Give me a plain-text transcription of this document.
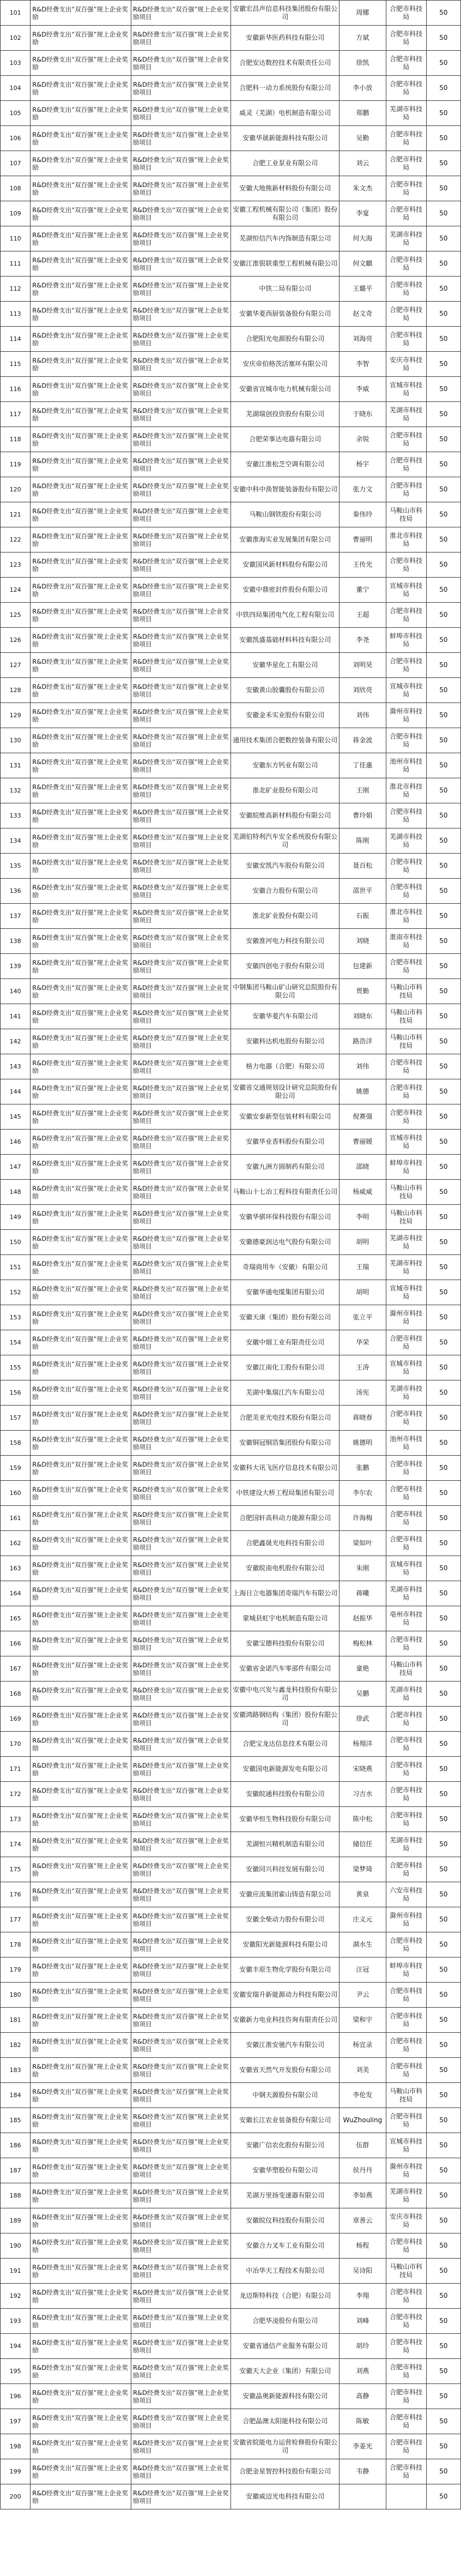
101	R&D经费支出“双百强”规上企业奖励	R&D经费支出“双百强”规上企业奖励项目	安徽宏昌声信息科技集团股份有限公司	周娜	合肥市科技局	50
102	R&D经费支出“双百强”规上企业奖励	R&D经费支出“双百强”规上企业奖励项目	安徽新华医药科技有限公司	方斌	合肥市科技局	50
103	R&D经费支出“双百强”规上企业奖励	R&D经费支出“双百强”规上企业奖励项目	合肥安达数控技术有限责任公司	徐凯	合肥市科技局	50
104	R&D经费支出“双百强”规上企业奖励	R&D经费支出“双百强”规上企业奖励项目	合肥科一动力系统股份有限公司	李小放	合肥市科技局	50
105	R&D经费支出“双百强”规上企业奖励	R&D经费支出“双百强”规上企业奖励项目	威灵（芜湖）电机制造有限公司	郑鹏	芜湖市科技局	50
106	R&D经费支出“双百强”规上企业奖励	R&D经费支出“双百强”规上企业奖励项目	安徽华晟新能源科技有限公司	吴勤	合肥市科技局	50
107	R&D经费支出“双百强”规上企业奖励	R&D经费支出“双百强”规上企业奖励项目	合肥工业泵业有限公司	刘云	合肥市科技局	50
108	R&D经费支出“双百强”规上企业奖励	R&D经费支出“双百强”规上企业奖励项目	安徽大地熊新材料股份有限公司	朱文杰	合肥市科技局	50
109	R&D经费支出“双百强”规上企业奖励	R&D经费支出“双百强”规上企业奖励项目	安徽工程机械有限公司（集团）股份有限公司	李宴	合肥市科技局	50
110	R&D经费支出“双百强”规上企业奖励	R&D经费支出“双百强”规上企业奖励项目	芜湖恒信汽车内饰制造有限公司	何大海	芜湖市科技局	50
111	R&D经费支出“双百强”规上企业奖励	R&D经费支出“双百强”规上企业奖励项目	安徽江淮银联重型工程机械有限公司	何文麒	合肥市科技局	50
112	R&D经费支出“双百强”规上企业奖励	R&D经费支出“双百强”规上企业奖励项目	中铁二局有限公司	王璐平	合肥市科技局	50
113	R&D经费支出“双百强”规上企业奖励	R&D经费支出“双百强”规上企业奖励项目	安徽华菱西厨装备股份有限公司	赵文奇	合肥市科技局	50
114	R&D经费支出“双百强”规上企业奖励	R&D经费支出“双百强”规上企业奖励项目	合肥阳光电源股份有限公司	刘海亮	合肥市科技局	50
115	R&D经费支出“双百强”规上企业奖励	R&D经费支出“双百强”规上企业奖励项目	安庆帝伯格茨活塞环有限公司	李智	安庆市科技局	50
116	R&D经费支出“双百强”规上企业奖励	R&D经费支出“双百强”规上企业奖励项目	安徽省宣城市电力机械有限公司	李威	宣城市科技局	50
117	R&D经费支出“双百强”规上企业奖励	R&D经费支出“双百强”规上企业奖励项目	芜湖瑞创投资股份有限公司	于晓东	芜湖市科技局	50
118	R&D经费支出“双百强”规上企业奖励	R&D经费支出“双百强”规上企业奖励项目	合肥荣事达电器有限公司	余锐	合肥市科技局	50
119	R&D经费支出“双百强”规上企业奖励	R&D经费支出“双百强”规上企业奖励项目	安徽江淮松芝空调有限公司	杨宇	合肥市科技局	50
120	R&D经费支出“双百强”规上企业奖励	R&D经费支出“双百强”规上企业奖励项目	安徽中科中涣智能装备股份有限公司	张力文	合肥市科技局	50
121	R&D经费支出“双百强”规上企业奖励	R&D经费支出“双百强”规上企业奖励项目	马鞍山钢铁股份有限公司	秦伟玲	马鞍山市科技局	50
122	R&D经费支出“双百强”规上企业奖励	R&D经费支出“双百强”规上企业奖励项目	安徽淮海实业发展集团有限公司	曹丽明	淮北市科技局	50
123	R&D经费支出“双百强”规上企业奖励	R&D经费支出“双百强”规上企业奖励项目	安徽国风新材料股份有限公司	王传光	合肥市科技局	50
124	R&D经费支出“双百强”规上企业奖励	R&D经费支出“双百强”规上企业奖励项目	安徽中鼎密封件股份有限公司	董宁	宣城市科技局	50
125	R&D经费支出“双百强”规上企业奖励	R&D经费支出“双百强”规上企业奖励项目	中铁四局集团电气化工程有限公司	王超	合肥市科技局	50
126	R&D经费支出“双百强”规上企业奖励	R&D经费支出“双百强”规上企业奖励项目	安徽凯盛基础材料科技有限公司	李尧	蚌埠市科技局	50
127	R&D经费支出“双百强”规上企业奖励	R&D经费支出“双百强”规上企业奖励项目	安徽华星化工有限公司	刘明昊	合肥市科技局	50
128	R&D经费支出“双百强”规上企业奖励	R&D经费支出“双百强”规上企业奖励项目	安徽黄山胶囊股份有限公司	刘欣亮	宣城市科技局	50
129	R&D经费支出“双百强”规上企业奖励	R&D经费支出“双百强”规上企业奖励项目	安徽金禾实业股份有限公司	刘伟	滁州市科技局	50
130	R&D经费支出“双百强”规上企业奖励	R&D经费支出“双百强”规上企业奖励项目	通用技术集团合肥数控装备有限公司	蒋金波	合肥市科技局	50
131	R&D经费支出“双百强”规上企业奖励	R&D经费支出“双百强”规上企业奖励项目	安徽东方钙业有限公司	丁佳惠	池州市科技局	50
132	R&D经费支出“双百强”规上企业奖励	R&D经费支出“双百强”规上企业奖励项目	淮北矿业股份有限公司	王刚	淮北市科技局	50
133	R&D经费支出“双百强”规上企业奖励	R&D经费支出“双百强”规上企业奖励项目	安徽皖维高新材料股份有限公司	曹玲娟	合肥市科技局	50
134	R&D经费支出“双百强”规上企业奖励	R&D经费支出“双百强”规上企业奖励项目	芜湖伯特利汽车安全系统股份有限公司	陈刚	芜湖市科技局	50
135	R&D经费支出“双百强”规上企业奖励	R&D经费支出“双百强”规上企业奖励项目	安徽安凯汽车股份有限公司	聂百松	合肥市科技局	50
136	R&D经费支出“双百强”规上企业奖励	R&D经费支出“双百强”规上企业奖励项目	安徽合力股份有限公司	邵世平	合肥市科技局	50
137	R&D经费支出“双百强”规上企业奖励	R&D经费支出“双百强”规上企业奖励项目	淮北矿业股份有限公司	石振	淮北市科技局	50
138	R&D经费支出“双百强”规上企业奖励	R&D经费支出“双百强”规上企业奖励项目	安徽淮河电力科技有限公司	刘晓	淮南市科技局	50
139	R&D经费支出“双百强”规上企业奖励	R&D经费支出“双百强”规上企业奖励项目	安徽四创电子股份有限公司	包建新	合肥市科技局	50
140	R&D经费支出“双百强”规上企业奖励	R&D经费支出“双百强”规上企业奖励项目	中钢集团马鞍山矿山研究总院股份有限公司	贾勤	马鞍山市科技局	50
141	R&D经费支出“双百强”规上企业奖励	R&D经费支出“双百强”规上企业奖励项目	安徽华菱汽车有限公司	刘晓东	马鞍山市科技局	50
142	R&D经费支出“双百强”规上企业奖励	R&D经费支出“双百强”规上企业奖励项目	安徽科达机电股份有限公司	路浩洋	马鞍山市科技局	50
143	R&D经费支出“双百强”规上企业奖励	R&D经费支出“双百强”规上企业奖励项目	格力电器（合肥）有限公司	刘伟	合肥市科技局	50
144	R&D经费支出“双百强”规上企业奖励	R&D经费支出“双百强”规上企业奖励项目	安徽省交通规划设计研究总院股份有限公司	姚德	合肥市科技局	50
145	R&D经费支出“双百强”规上企业奖励	R&D经费支出“双百强”规上企业奖励项目	安徽安泰新型包装材料有限公司	倪赛强	合肥市科技局	50
146	R&D经费支出“双百强”规上企业奖励	R&D经费支出“双百强”规上企业奖励项目	安徽华业香料股份有限公司	曹丽媛	宣城市科技局	50
147	R&D经费支出“双百强”规上企业奖励	R&D经费支出“双百强”规上企业奖励项目	安徽九洲方圆制药有限公司	邵晓	蚌埠市科技局	50
148	R&D经费支出“双百强”规上企业奖励	R&D经费支出“双百强”规上企业奖励项目	马鞍山十七冶工程科技有限责任公司	杨威威	马鞍山市科技局	50
149	R&D经费支出“双百强”规上企业奖励	R&D经费支出“双百强”规上企业奖励项目	安徽华骐环保科技股份有限公司	李明	马鞍山市科技局	50
150	R&D经费支出“双百强”规上企业奖励	R&D经费支出“双百强”规上企业奖励项目	安徽德豪润达电气股份有限公司	胡明	芜湖市科技局	50
151	R&D经费支出“双百强”规上企业奖励	R&D经费支出“双百强”规上企业奖励项目	奇瑞商用车（安徽）有限公司	王瑞	芜湖市科技局	50
152	R&D经费支出“双百强”规上企业奖励	R&D经费支出“双百强”规上企业奖励项目	安徽华通电缆集团有限公司	胡明	宣城市科技局	50
153	R&D经费支出“双百强”规上企业奖励	R&D经费支出“双百强”规上企业奖励项目	安徽天康（集团）股份有限公司	张立平	滁州市科技局	50
154	R&D经费支出“双百强”规上企业奖励	R&D经费支出“双百强”规上企业奖励项目	安徽中烟工业有限责任公司	华荣	合肥市科技局	50
155	R&D经费支出“双百强”规上企业奖励	R&D经费支出“双百强”规上企业奖励项目	安徽江南化工股份有限公司	王涛	宣城市科技局	50
156	R&D经费支出“双百强”规上企业奖励	R&D经费支出“双百强”规上企业奖励项目	芜湖中集瑞江汽车有限公司	汤宪	芜湖市科技局	50
157	R&D经费支出“双百强”规上企业奖励	R&D经费支出“双百强”规上企业奖励项目	合肥美亚光电技术股份有限公司	蒋晓春	合肥市科技局	50
158	R&D经费支出“双百强”规上企业奖励	R&D经费支出“双百强”规上企业奖励项目	安徽铜冠铜箔集团股份有限公司	姚德明	池州市科技局	50
159	R&D经费支出“双百强”规上企业奖励	R&D经费支出“双百强”规上企业奖励项目	安徽科大讯飞医疗信息技术有限公司	张鹏	合肥市科技局	50
160	R&D经费支出“双百强”规上企业奖励	R&D经费支出“双百强”规上企业奖励项目	中铁建设大桥工程局集团有限公司	李尔农	合肥市科技局	50
161	R&D经费支出“双百强”规上企业奖励	R&D经费支出“双百强”规上企业奖励项目	合肥国轩高科动力能源有限公司	许海梅	合肥市科技局	50
162	R&D经费支出“双百强”规上企业奖励	R&D经费支出“双百强”规上企业奖励项目	合肥鑫晟光电科技有限公司	梁如叶	合肥市科技局	50
163	R&D经费支出“双百强”规上企业奖励	R&D经费支出“双百强”规上企业奖励项目	安徽皖南电机股份有限公司	朱刚	宣城市科技局	50
164	R&D经费支出“双百强”规上企业奖励	R&D经费支出“双百强”规上企业奖励项目	上海日立电器集团奇瑞汽车有限公司	蒋曦	芜湖市科技局	50
165	R&D经费支出“双百强”规上企业奖励	R&D经费支出“双百强”规上企业奖励项目	蒙城县虹宇电机制造有限公司	赵振华	亳州市科技局	50
166	R&D经费支出“双百强”规上企业奖励	R&D经费支出“双百强”规上企业奖励项目	安徽宝德科技股份有限公司	梅松林	合肥市科技局	50
167	R&D经费支出“双百强”规上企业奖励	R&D经费支出“双百强”规上企业奖励项目	安徽省金诺汽车零部件有限公司	童艳	马鞍山市科技局	50
168	R&D经费支出“双百强”规上企业奖励	R&D经费支出“双百强”规上企业奖励项目	安徽中电兴发与鑫龙科技股份有限公司	吴鹏	芜湖市科技局	50
169	R&D经费支出“双百强”规上企业奖励	R&D经费支出“双百强”规上企业奖励项目	安徽鸿路钢结构（集团）股份有限公司	徐武	合肥市科技局	50
170	R&D经费支出“双百强”规上企业奖励	R&D经费支出“双百强”规上企业奖励项目	合肥宝龙达信息技术有限公司	杨翔洋	合肥市科技局	50
171	R&D经费支出“双百强”规上企业奖励	R&D经费支出“双百强”规上企业奖励项目	安徽国电新能源发电有限公司	宋晓燕	合肥市科技局	50
172	R&D经费支出“双百强”规上企业奖励	R&D经费支出“双百强”规上企业奖励项目	安徽皖通科技股份有限公司	习吉水	合肥市科技局	50
173	R&D经费支出“双百强”规上企业奖励	R&D经费支出“双百强”规上企业奖励项目	安徽华恒生物科技股份有限公司	陈中松	合肥市科技局	50
174	R&D经费支出“双百强”规上企业奖励	R&D经费支出“双百强”规上企业奖励项目	芜湖恒兴精机制造有限公司	储信任	芜湖市科技局	50
175	R&D经费支出“双百强”规上企业奖励	R&D经费支出“双百强”规上企业奖励项目	安徽同兴科技发展有限公司	梁梦琦	合肥市科技局	50
176	R&D经费支出“双百强”规上企业奖励	R&D经费支出“双百强”规上企业奖励项目	安徽应流集团霍山铸造有限公司	黄泉	六安市科技局	50
177	R&D经费支出“双百强”规上企业奖励	R&D经费支出“双百强”规上企业奖励项目	安徽全柴动力股份有限公司	庄义元	滁州市科技局	50
178	R&D经费支出“双百强”规上企业奖励	R&D经费支出“双百强”规上企业奖励项目	安徽阳光新能源科技有限公司	湖水生	合肥市科技局	50
179	R&D经费支出“双百强”规上企业奖励	R&D经费支出“双百强”规上企业奖励项目	安徽丰原生物化学股份有限公司	汪冠	蚌埠市科技局	50
180	R&D经费支出“双百强”规上企业奖励	R&D经费支出“双百强”规上企业奖励项目	安徽安瑞升新能源动力科技有限公司	尹云	合肥市科技局	50
181	R&D经费支出“双百强”规上企业奖励	R&D经费支出“双百强”规上企业奖励项目	安徽新力电业科技咨询有限责任公司	梁和宇	合肥市科技局	50
182	R&D经费支出“双百强”规上企业奖励	R&D经费支出“双百强”规上企业奖励项目	安徽江淮安驰汽车有限公司	杨宜录	合肥市科技局	50
183	R&D经费支出“双百强”规上企业奖励	R&D经费支出“双百强”规上企业奖励项目	安徽省天然气开发股份有限公司	刘美	合肥市科技局	50
184	R&D经费支出“双百强”规上企业奖励	R&D经费支出“双百强”规上企业奖励项目	中钢天源股份有限公司	李伦发	马鞍山市科技局	50
185	R&D经费支出“双百强”规上企业奖励	R&D经费支出“双百强”规上企业奖励项目	安徽长江农业装备股份有限公司	WuZhouling	合肥市科技局	50
186	R&D经费支出“双百强”规上企业奖励	R&D经费支出“双百强”规上企业奖励项目	安徽广信农化股份有限公司	伍群	宣城市科技局	50
187	R&D经费支出“双百强”规上企业奖励	R&D经费支出“双百强”规上企业奖励项目	安徽华塑股份有限公司	侯丹丹	滁州市科技局	50
188	R&D经费支出“双百强”规上企业奖励	R&D经费支出“双百强”规上企业奖励项目	芜湖万里扬变速器有限公司	李如燕	芜湖市科技局	50
189	R&D经费支出“双百强”规上企业奖励	R&D经费支出“双百强”规上企业奖励项目	安徽皖仪科技股份有限公司	章善云	安庆市科技局	50
190	R&D经费支出“双百强”规上企业奖励	R&D经费支出“双百强”规上企业奖励项目	安徽合力叉车工业有限公司	杨程	合肥市科技局	50
191	R&D经费支出“双百强”规上企业奖励	R&D经费支出“双百强”规上企业奖励项目	中冶华天工程技术有限公司	吴诗阳	马鞍山市科技局	50
192	R&D经费支出“双百强”规上企业奖励	R&D经费支出“双百强”规上企业奖励项目	龙迈斯特科技（合肥）有限公司	李翔	合肥市科技局	50
193	R&D经费支出“双百强”规上企业奖励	R&D经费支出“双百强”规上企业奖励项目	合肥华凌股份有限公司	刘峰	合肥市科技局	50
194	R&D经费支出“双百强”规上企业奖励	R&D经费支出“双百强”规上企业奖励项目	安徽省通信产业服务有限公司	胡玲	合肥市科技局	50
195	R&D经费支出“双百强”规上企业奖励	R&D经费支出“双百强”规上企业奖励项目	安徽天大企业（集团）有限公司	刘燕	合肥市科技局	50
196	R&D经费支出“双百强”规上企业奖励	R&D经费支出“双百强”规上企业奖励项目	安徽晶奥新能源科技有限公司	高静	合肥市科技局	50
197	R&D经费支出“双百强”规上企业奖励	R&D经费支出“双百强”规上企业奖励项目	合肥晶澳太阳能科技有限公司	陈敏	合肥市科技局	50
198	R&D经费支出“双百强”规上企业奖励	R&D经费支出“双百强”规上企业奖励项目	安徽省皖能电力运营检修股份有限公司	李姜光	合肥市科技局	50
199	R&D经费支出“双百强”规上企业奖励	R&D经费支出“双百强”规上企业奖励项目	合肥金星智控科技股份有限公司	韦静	合肥市科技局	50
200	R&D经费支出“双百强”规上企业奖励	R&D经费支出“双百强”规上企业奖励项目	安徽威迈光电科技有限公司			50
